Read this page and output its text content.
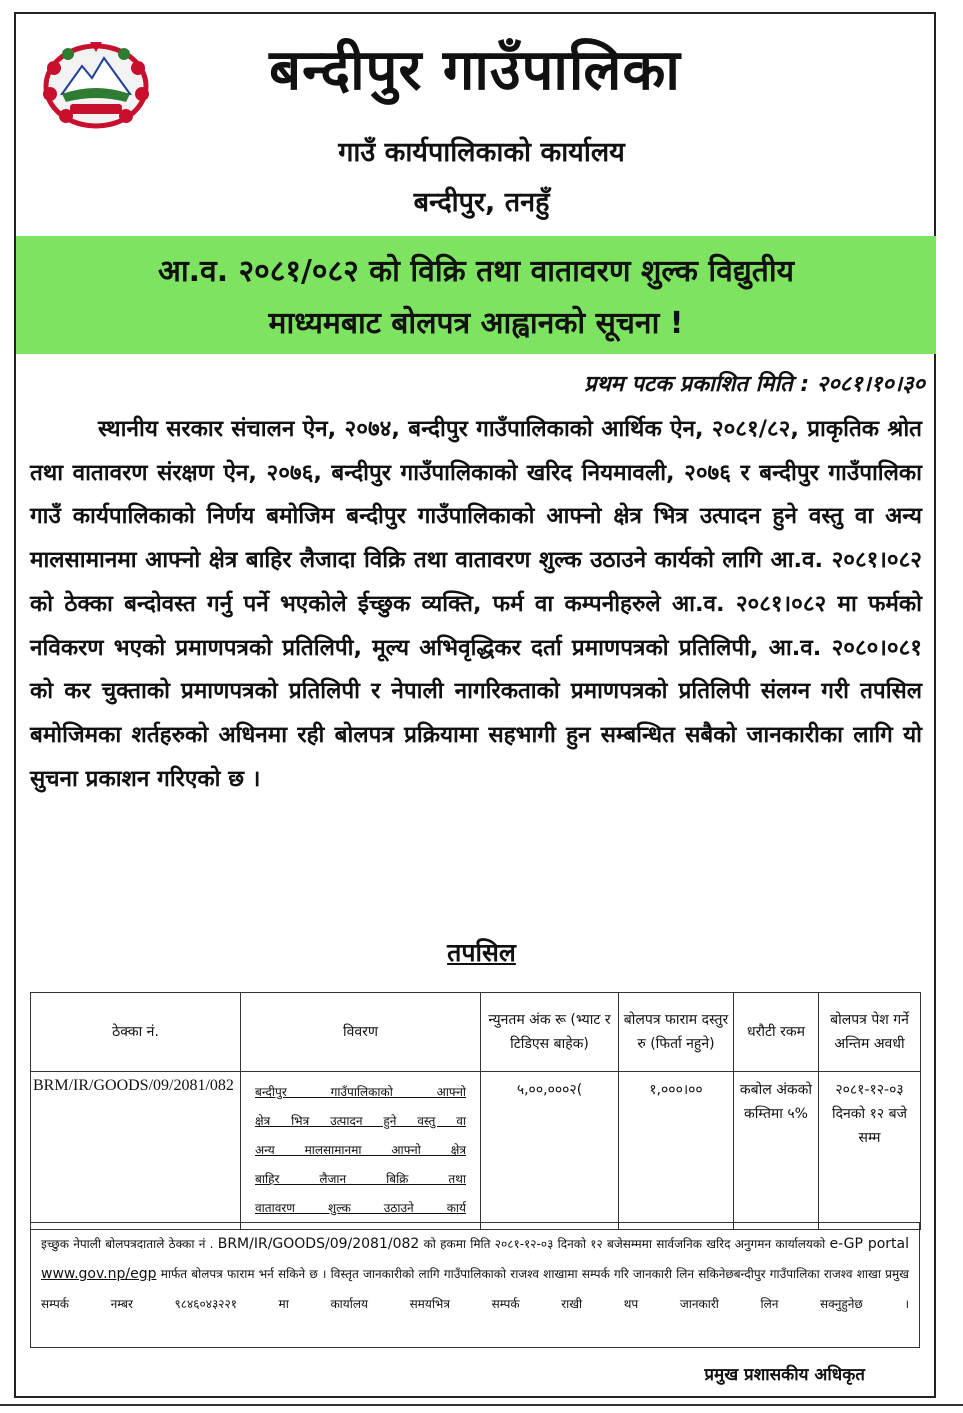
बन्दीपुर गाउँपालिका
गाउँ कार्यपालिकाको कार्यालय
बन्दीपुर, तनहुँ
आ.व. २०८१/०८२ को विक्रि तथा वातावरण शुल्क विद्युतीय
माध्यमबाट बोलपत्र आह्वानको सूचना !
प्रथम पटक प्रकाशित मिति : २०८१।१०।३०
स्थानीय सरकार संचालन ऐन, २०७४, बन्दीपुर गाउँपालिकाको आर्थिक ऐन, २०८१/८२, प्राकृतिक श्रोत तथा वातावरण संरक्षण ऐन, २०७६, बन्दीपुर गाउँपालिकाको खरिद नियमावली, २०७६ र बन्दीपुर गाउँपालिका गाउँ कार्यपालिकाको निर्णय बमोजिम बन्दीपुर गाउँपालिकाको आफ्नो क्षेत्र भित्र उत्पादन हुने वस्तु वा अन्य मालसामानमा आफ्नो क्षेत्र बाहिर लैजादा विक्रि तथा वातावरण शुल्क उठाउने कार्यको लागि आ.व. २०८१।०८२ को ठेक्का बन्दोवस्त गर्नु पर्ने भएकोले ईच्छुक व्यक्ति, फर्म वा कम्पनीहरुले आ.व. २०८१।०८२ मा फर्मको नविकरण भएको प्रमाणपत्रको प्रतिलिपी, मूल्य अभिवृद्धिकर दर्ता प्रमाणपत्रको प्रतिलिपी, आ.व. २०८०।०८१ को कर चुक्ताको प्रमाणपत्रको प्रतिलिपी र नेपाली नागरिकताको प्रमाणपत्रको प्रतिलिपी संलग्न गरी तपसिल बमोजिमका शर्तहरुको अधिनमा रही बोलपत्र प्रक्रियामा सहभागी हुन सम्बन्धित सबैको जानकारीका लागि यो सुचना प्रकाशन गरिएको छ ।
तपसिल
ठेक्का नं.	विवरण	न्युनतम अंक रू (भ्याट र टिडिएस बाहेक)	बोलपत्र फाराम दस्तुर रु (फिर्ता नहुने)	धरौटी रकम	बोलपत्र पेश गर्ने अन्तिम अवधी
BRM/IR/GOODS/09/2081/082	बन्दीपुर गाउँपालिकाको आफ्नो
क्षेत्र भित्र उत्पादन हुने वस्तु वा
अन्य मालसामानमा आफ्नो क्षेत्र
बाहिर लैजान बिक्रि तथा
वातावरण शुल्क उठाउने कार्य	५,००,०००२(	१,०००।००	कबोल अंकको कम्तिमा ५%	२०८१-१२-०३ दिनको १२ बजे सम्म
इच्छुक नेपाली बोलपत्रदाताले ठेक्का नं . BRM/IR/GOODS/09/2081/082 को हकमा मिति २०८१-१२-०३ दिनको १२ बजेसम्ममा सार्वजनिक खरिद अनुगमन कार्यालयको e-GP portal www.gov.np/egp मार्फत बोलपत्र फाराम भर्न सकिने छ । विस्तृत जानकारीको लागि गाउँपालिकाको राजश्व शाखामा सम्पर्क गरि जानकारी लिन सकिनेछबन्दीपुर गाउँपालिका राजश्व शाखा प्रमुख सम्पर्क नम्बर ९८४६०४३२२१ मा कार्यालय समयभित्र सम्पर्क राखी थप जानकारी लिन सक्नुहुनेछ ।
प्रमुख प्रशासकीय अधिकृत
